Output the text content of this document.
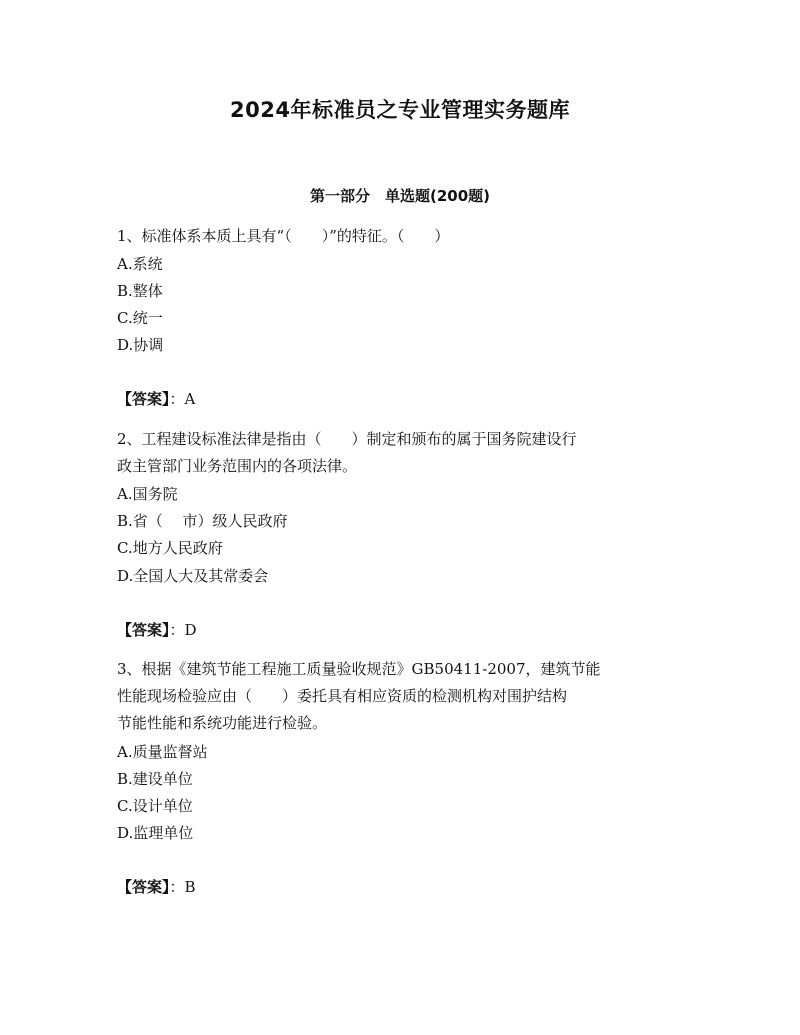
2024年标准员之专业管理实务题库
第一部分　单选题(200题)
1、标准体系本质上具有“（　　）”的特征。（　　）
A.系统
B.整体
C.统一
D.协调
【答案】：A
2、工程建设标准法律是指由（　　）制定和颁布的属于国务院建设行
政主管部门业务范围内的各项法律。
A.国务院
B.省（　 市）级人民政府
C.地方人民政府
D.全国人大及其常委会
【答案】：D
3、根据《建筑节能工程施工质量验收规范》GB50411-2007，建筑节能
性能现场检验应由（　　）委托具有相应资质的检测机构对围护结构
节能性能和系统功能进行检验。
A.质量监督站
B.建设单位
C.设计单位
D.监理单位
【答案】：B
